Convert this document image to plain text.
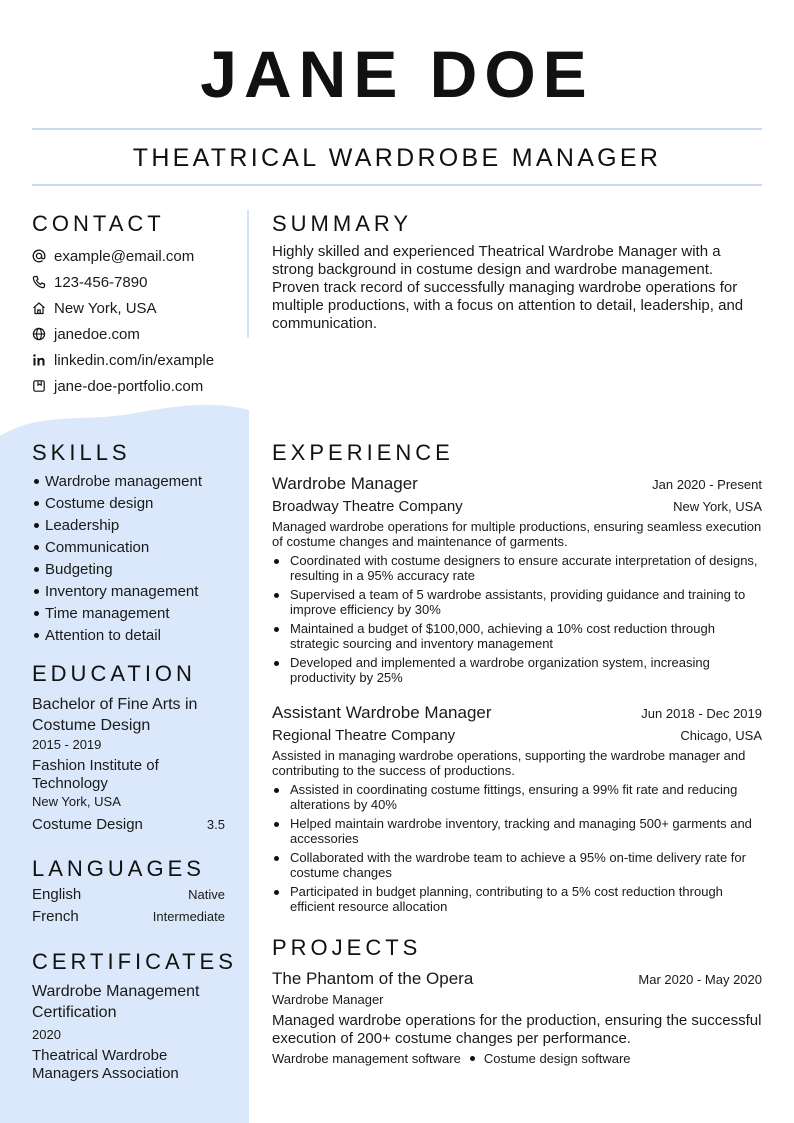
JANE DOE
THEATRICAL WARDROBE MANAGER
CONTACT
example@email.com
123-456-7890
New York, USA
janedoe.com
linkedin.com/in/example
jane-doe-portfolio.com
SUMMARY

Highly skilled and experienced Theatrical Wardrobe Manager with a strong background in costume design and wardrobe management. Proven track record of successfully managing wardrobe operations for multiple productions, with a focus on attention to detail, leadership, and communication.

SKILLS
Wardrobe management
Costume design
Leadership
Communication
Budgeting
Inventory management
Time management
Attention to detail
EDUCATION
Bachelor of Fine Arts in Costume Design
2015 - 2019
Fashion Institute of Technology
New York, USA
Costume Design	3.5
LANGUAGES
English	Native
French	Intermediate
CERTIFICATES
Wardrobe Management Certification
2020
Theatrical Wardrobe Managers Association
EXPERIENCE
Wardrobe Manager	Jan 2020 - Present
Broadway Theatre Company	New York, USA
Managed wardrobe operations for multiple productions, ensuring seamless execution of costume changes and maintenance of garments.
Coordinated with costume designers to ensure accurate interpretation of designs, resulting in a 95% accuracy rate
Supervised a team of 5 wardrobe assistants, providing guidance and training to improve efficiency by 30%
Maintained a budget of $100,000, achieving a 10% cost reduction through strategic sourcing and inventory management
Developed and implemented a wardrobe organization system, increasing productivity by 25%
Assistant Wardrobe Manager	Jun 2018 - Dec 2019
Regional Theatre Company	Chicago, USA
Assisted in managing wardrobe operations, supporting the wardrobe manager and contributing to the success of productions.
Assisted in coordinating costume fittings, ensuring a 99% fit rate and reducing alterations by 40%
Helped maintain wardrobe inventory, tracking and managing 500+ garments and accessories
Collaborated with the wardrobe team to achieve a 95% on-time delivery rate for costume changes
Participated in budget planning, contributing to a 5% cost reduction through efficient resource allocation
PROJECTS
The Phantom of the Opera	Mar 2020 - May 2020
Wardrobe Manager
Managed wardrobe operations for the production, ensuring the successful execution of 200+ costume changes per performance.
Wardrobe management software Costume design software
